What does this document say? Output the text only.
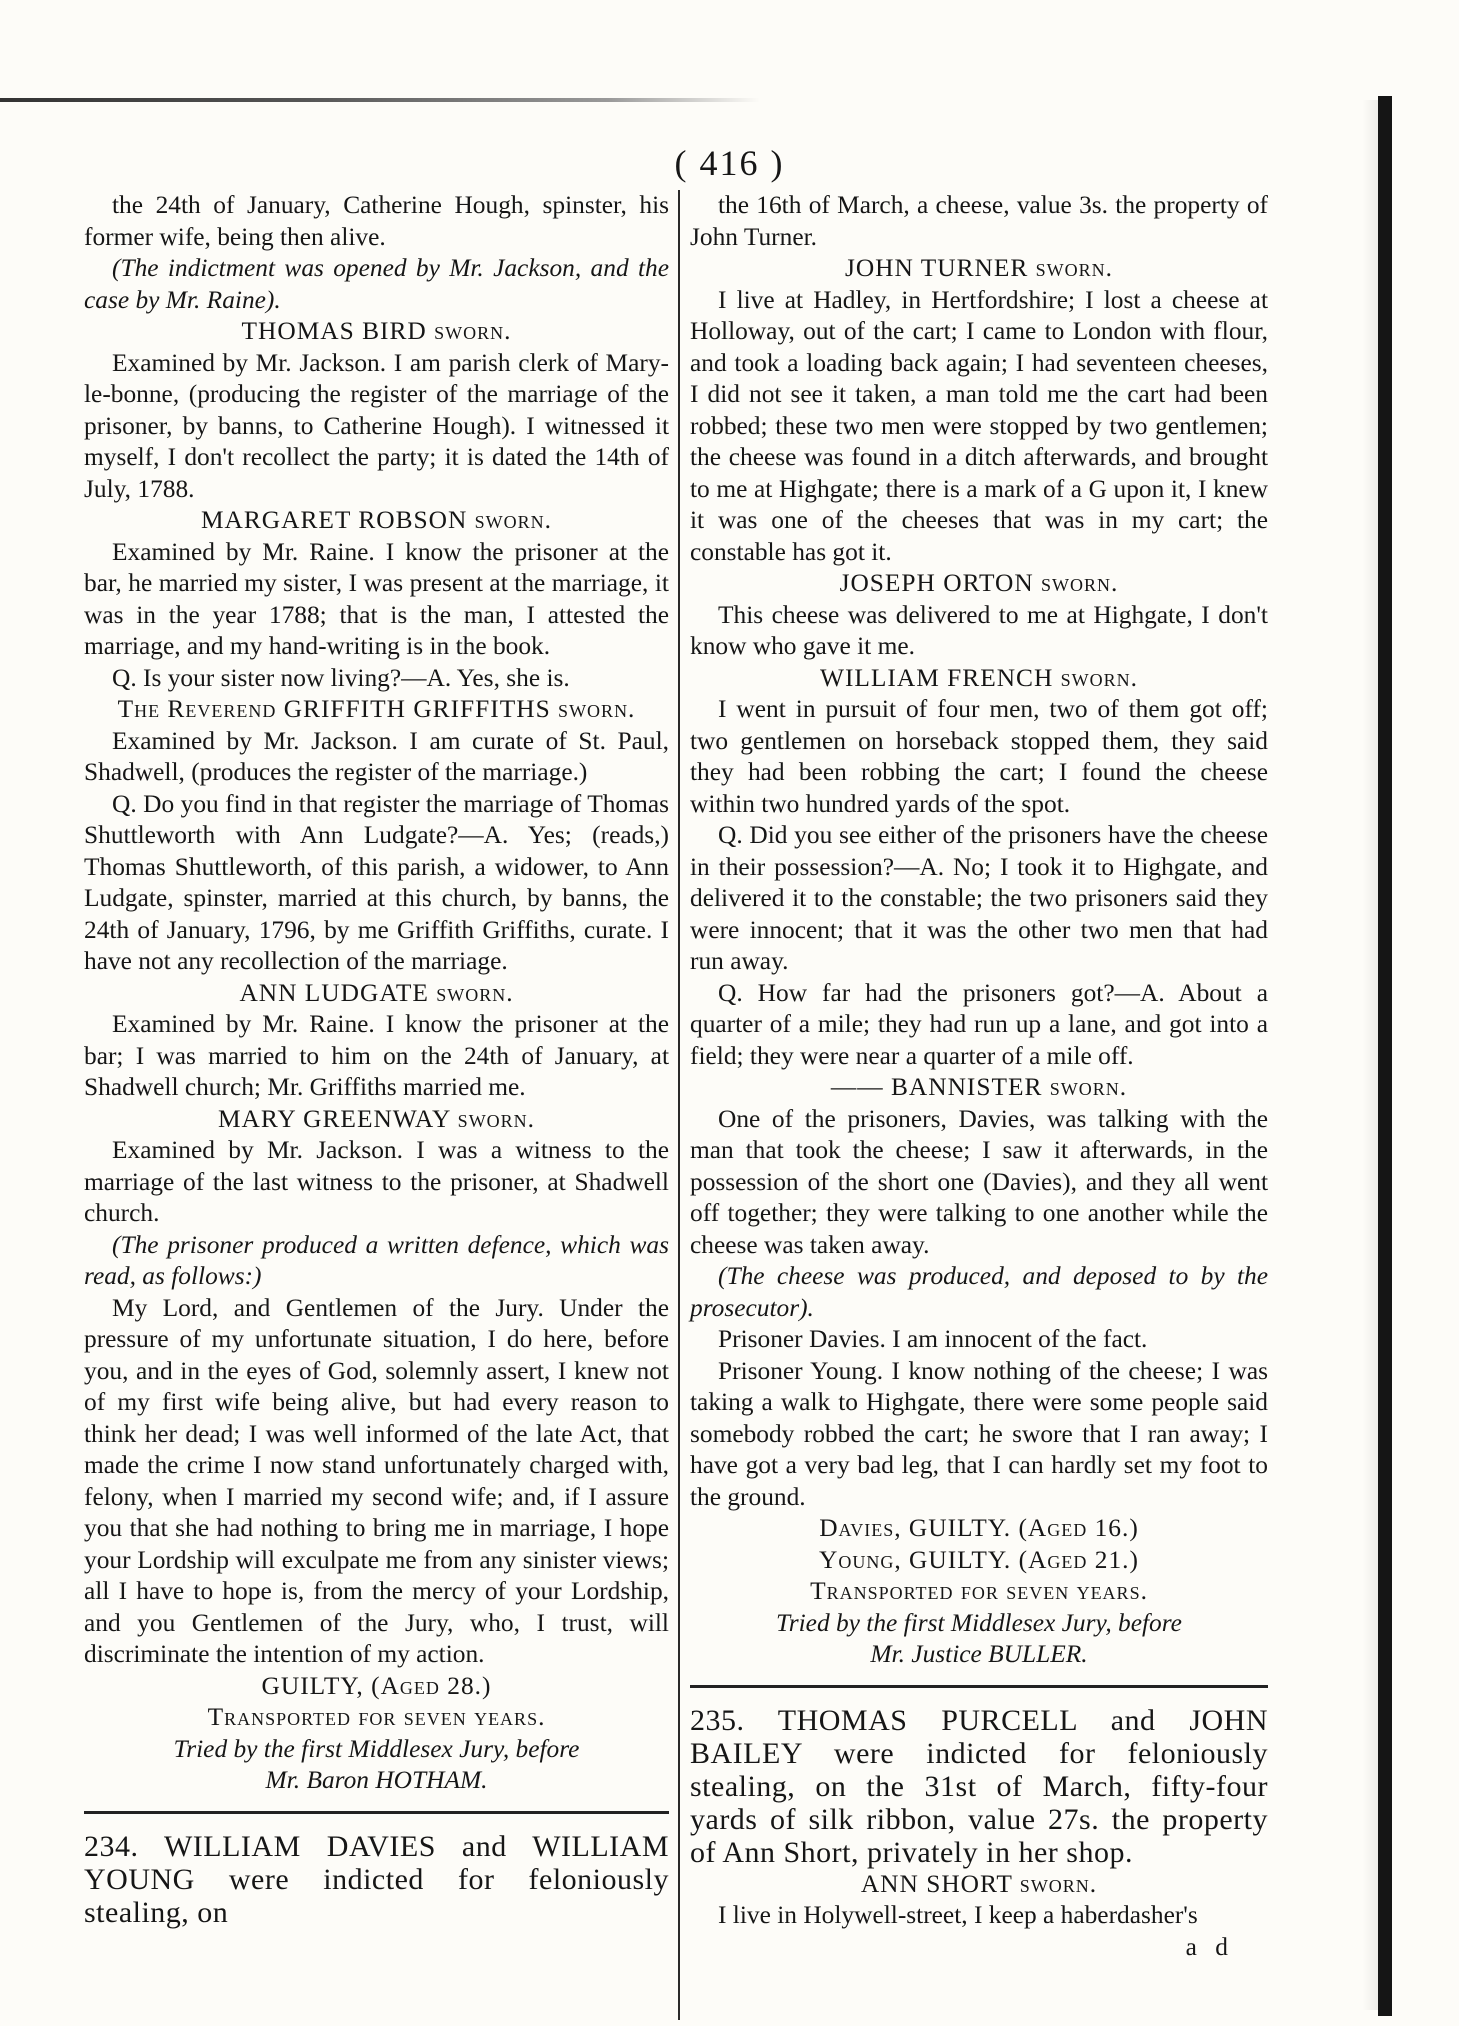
( 416 )

the 24th of January, Catherine Hough, spinster, his former wife, being then alive.

(The indictment was opened by Mr. Jackson, and the case by Mr. Raine).

THOMAS BIRD sworn.

Examined by Mr. Jackson. I am parish clerk of Mary-le-bonne, (producing the register of the marriage of the prisoner, by banns, to Catherine Hough). I witnessed it myself, I don't recollect the party; it is dated the 14th of July, 1788.

MARGARET ROBSON sworn.

Examined by Mr. Raine. I know the prisoner at the bar, he married my sister, I was present at the marriage, it was in the year 1788; that is the man, I attested the marriage, and my hand-writing is in the book.

Q. Is your sister now living?—A. Yes, she is.

The Reverend GRIFFITH GRIFFITHS sworn.

Examined by Mr. Jackson. I am curate of St. Paul, Shadwell, (produces the register of the marriage.)

Q. Do you find in that register the marriage of Thomas Shuttleworth with Ann Ludgate?—A. Yes; (reads,) Thomas Shuttleworth, of this parish, a widower, to Ann Ludgate, spinster, married at this church, by banns, the 24th of January, 1796, by me Griffith Griffiths, curate. I have not any recollection of the marriage.

ANN LUDGATE sworn.

Examined by Mr. Raine. I know the prisoner at the bar; I was married to him on the 24th of January, at Shadwell church; Mr. Griffiths married me.

MARY GREENWAY sworn.

Examined by Mr. Jackson. I was a witness to the marriage of the last witness to the prisoner, at Shadwell church.

(The prisoner produced a written defence, which was read, as follows:)

My Lord, and Gentlemen of the Jury. Under the pressure of my unfortunate situation, I do here, before you, and in the eyes of God, solemnly assert, I knew not of my first wife being alive, but had every reason to think her dead; I was well informed of the late Act, that made the crime I now stand unfortunately charged with, felony, when I married my second wife; and, if I assure you that she had nothing to bring me in marriage, I hope your Lordship will exculpate me from any sinister views; all I have to hope is, from the mercy of your Lordship, and you Gentlemen of the Jury, who, I trust, will discriminate the intention of my action.

GUILTY, (Aged 28.)

Transported for seven years.

Tried by the first Middlesex Jury, before

Mr. Baron HOTHAM.

234. WILLIAM DAVIES and WILLIAM YOUNG were indicted for feloniously stealing, on

the 16th of March, a cheese, value 3s. the property of John Turner.

JOHN TURNER sworn.

I live at Hadley, in Hertfordshire; I lost a cheese at Holloway, out of the cart; I came to London with flour, and took a loading back again; I had seventeen cheeses, I did not see it taken, a man told me the cart had been robbed; these two men were stopped by two gentlemen; the cheese was found in a ditch afterwards, and brought to me at Highgate; there is a mark of a G upon it, I knew it was one of the cheeses that was in my cart; the constable has got it.

JOSEPH ORTON sworn.

This cheese was delivered to me at Highgate, I don't know who gave it me.

WILLIAM FRENCH sworn.

I went in pursuit of four men, two of them got off; two gentlemen on horseback stopped them, they said they had been robbing the cart; I found the cheese within two hundred yards of the spot.

Q. Did you see either of the prisoners have the cheese in their possession?—A. No; I took it to Highgate, and delivered it to the constable; the two prisoners said they were innocent; that it was the other two men that had run away.

Q. How far had the prisoners got?—A. About a quarter of a mile; they had run up a lane, and got into a field; they were near a quarter of a mile off.

—— BANNISTER sworn.

One of the prisoners, Davies, was talking with the man that took the cheese; I saw it afterwards, in the possession of the short one (Davies), and they all went off together; they were talking to one another while the cheese was taken away.

(The cheese was produced, and deposed to by the prosecutor).

Prisoner Davies. I am innocent of the fact.

Prisoner Young. I know nothing of the cheese; I was taking a walk to Highgate, there were some people said somebody robbed the cart; he swore that I ran away; I have got a very bad leg, that I can hardly set my foot to the ground.

Davies, GUILTY. (Aged 16.)

Young, GUILTY. (Aged 21.)

Transported for seven years.

Tried by the first Middlesex Jury, before

Mr. Justice BULLER.

235. THOMAS PURCELL and JOHN BAILEY were indicted for feloniously stealing, on the 31st of March, fifty-four yards of silk ribbon, value 27s. the property of Ann Short, privately in her shop.

ANN SHORT sworn.

I live in Holywell-street, I keep a haberdasher's

a d
